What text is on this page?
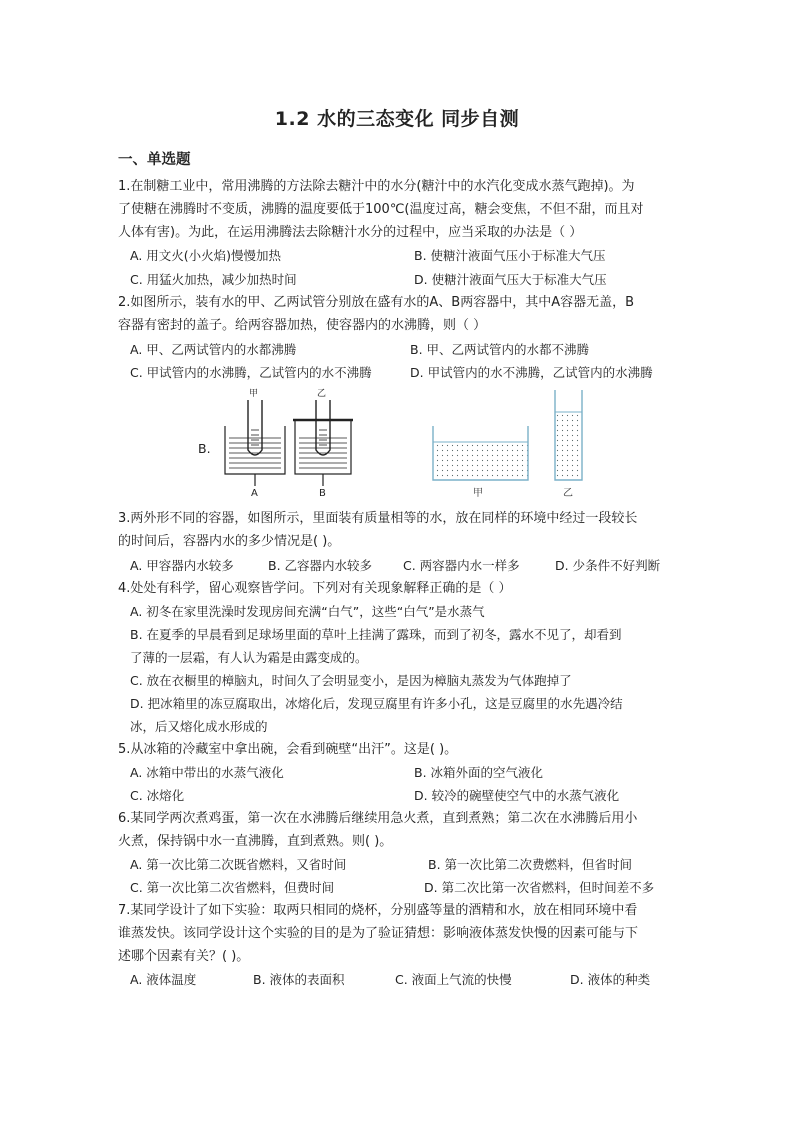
1.2 水的三态变化 同步自测
一、单选题
1.在制糖工业中，常用沸腾的方法除去糖汁中的水分(糖汁中的水汽化变成水蒸气跑掉)。为
了使糖在沸腾时不变质，沸腾的温度要低于100℃(温度过高，糖会变焦，不但不甜，而且对
人体有害)。为此，在运用沸腾法去除糖汁水分的过程中，应当采取的办法是（ ）
A. 用文火(小火焰)慢慢加热	B. 使糖汁液面气压小于标准大气压
C. 用猛火加热，减少加热时间	D. 使糖汁液面气压大于标准大气压
2.如图所示，装有水的甲、乙两试管分别放在盛有水的A、B两容器中，其中A容器无盖，B
容器有密封的盖子。给两容器加热，使容器内的水沸腾，则（ ）
A. 甲、乙两试管内的水都沸腾	B. 甲、乙两试管内的水都不沸腾
C. 甲试管内的水沸腾，乙试管内的水不沸腾	D. 甲试管内的水不沸腾，乙试管内的水沸腾
B.
甲	乙
A	B	甲	乙
3.两外形不同的容器，如图所示，里面装有质量相等的水，放在同样的环境中经过一段较长
的时间后，容器内水的多少情况是( )。
A. 甲容器内水较多	B. 乙容器内水较多 C. 两容器内水一样多	D. 少条件不好判断
4.处处有科学，留心观察皆学问。下列对有关现象解释正确的是（ ）
A. 初冬在家里洗澡时发现房间充满“白气”，这些“白气”是水蒸气
B. 在夏季的早晨看到足球场里面的草叶上挂满了露珠，而到了初冬，露水不见了，却看到
了薄的一层霜，有人认为霜是由露变成的。
C. 放在衣橱里的樟脑丸，时间久了会明显变小，是因为樟脑丸蒸发为气体跑掉了
D. 把冰箱里的冻豆腐取出，冰熔化后，发现豆腐里有许多小孔，这是豆腐里的水先遇冷结
冰，后又熔化成水形成的
5.从冰箱的冷藏室中拿出碗，会看到碗壁“出汗”。这是( )。
A. 冰箱中带出的水蒸气液化	B. 冰箱外面的空气液化
C. 冰熔化	D. 较冷的碗壁使空气中的水蒸气液化
6.某同学两次煮鸡蛋，第一次在水沸腾后继续用急火煮，直到煮熟；第二次在水沸腾后用小
火煮，保持锅中水一直沸腾，直到煮熟。则( )。
A. 第一次比第二次既省燃料，又省时间	B. 第一次比第二次费燃料，但省时间
C. 第一次比第二次省燃料，但费时间	D. 第二次比第一次省燃料，但时间差不多
7.某同学设计了如下实验：取两只相同的烧杯，分别盛等量的酒精和水，放在相同环境中看
谁蒸发快。该同学设计这个实验的目的是为了验证猜想：影响液体蒸发快慢的因素可能与下
述哪个因素有关？( )。
A. 液体温度	B. 液体的表面积	C. 液面上气流的快慢	D. 液体的种类
